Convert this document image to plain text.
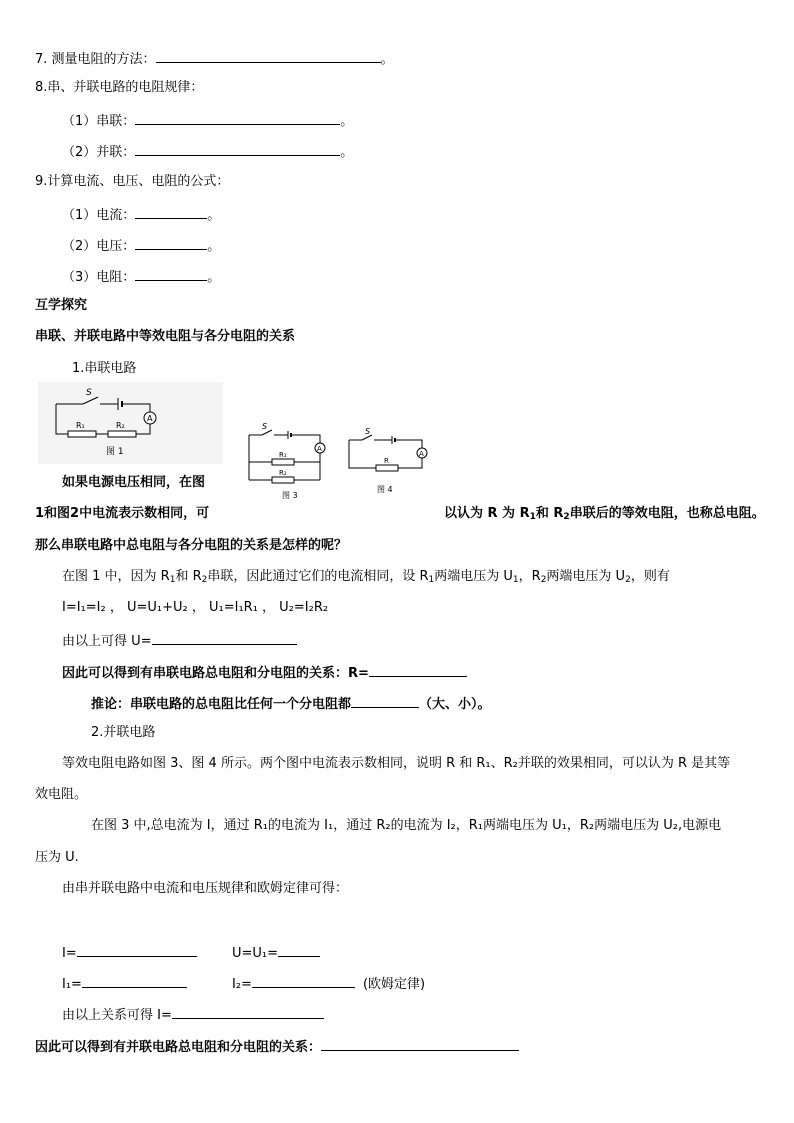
7. 测量电阻的方法：	。
8.串、并联电路的电阻规律：
（1）串联：	。
（2）并联：	。
9.计算电流、电压、电阻的公式：
（1）电流：	。
（2）电压：	。
（3）电阻：	。
互学探究
串联、并联电路中等效电阻与各分电阻的关系
1.串联电路
S
A
R₁	R₂
图 1
S
A
R₁
R₂
图 3
S
A
R
图 4
如果电源电压相同，在图
1和图2中电流表示数相同，可	以认为 R 为 $R_1$和 $R_2$串联后的等效电阻，也称总电阻。
那么串联电路中总电阻与各分电阻的关系是怎样的呢？
在图 1 中，因为 $R_1$和 $R_2$串联，因此通过它们的电流相同，设 $R_1$两端电压为 $U_1$，$R_2$两端电压为 $U_2$，则有
I=I₁=I₂ ， U=U₁+U₂ ， U₁=I₁R₁ ， U₂=I₂R₂
由以上可得 U=
因此可以得到有串联电路总电阻和分电阻的关系：R=
推论：串联电路的总电阻比任何一个分电阻都	（大、小）。
2.并联电路
等效电阻电路如图 3、图 4 所示。两个图中电流表示数相同，说明 R 和 R₁、R₂并联的效果相同，可以认为 R 是其等
效电阻。
在图 3 中,总电流为 I，通过 R₁的电流为 I₁，通过 R₂的电流为 I₂，R₁两端电压为 U₁，R₂两端电压为 U₂,电源电
压为 U.
由串并联电路中电流和电压规律和欧姆定律可得：
I=	U=U₁=
I₁=	I₂=	(欧姆定律)
由以上关系可得 I=
因此可以得到有并联电路总电阻和分电阻的关系：
